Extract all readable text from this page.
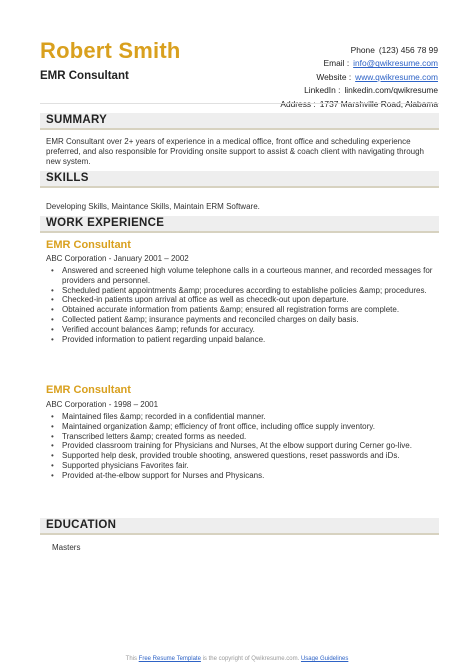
Robert Smith
EMR Consultant
Phone (123) 456 78 99
Email : info@qwikresume.com
Website : www.qwikresume.com
LinkedIn : linkedin.com/qwikresume
SUMMARY
EMR Consultant over 2+ years of experience in a medical office, front office and scheduling experience preferred, and also responsible for Providing onsite support to assist & coach client with navigating through new system.
SKILLS
Developing Skills, Maintance Skills, Maintain ERM Software.
WORK EXPERIENCE
EMR Consultant
ABC Corporation - January 2001 – 2002
• Answered and screened high volume telephone calls in a courteous manner, and recorded messages for providers and personnel.
• Scheduled patient appointments &amp; procedures according to establishe policies &amp; procedures.
• Checked-in patients upon arrival at office as well as checedk-out upon departure.
• Obtained accurate information from patients &amp; ensured all registration forms are complete.
• Collected patient &amp; insurance payments and reconciled charges on daily basis.
• Verified account balances &amp; refunds for accuracy.
• Provided information to patient regarding unpaid balance.
EMR Consultant
ABC Corporation - 1998 – 2001
• Maintained files &amp; recorded in a confidential manner.
• Maintained organization &amp; efficiency of front office, including office supply inventory.
• Transcribed letters &amp; created forms as needed.
• Provided classroom training for Physicians and Nurses, At the elbow support during Cerner go-live.
• Supported help desk, provided trouble shooting, answered questions, reset passwords and iDs.
• Supported physicians Favorites fair.
• Provided at-the-elbow support for Nurses and Physicans.
EDUCATION
Masters
This Free Resume Template is the copyright of Qwikresume.com. Usage Guidelines
